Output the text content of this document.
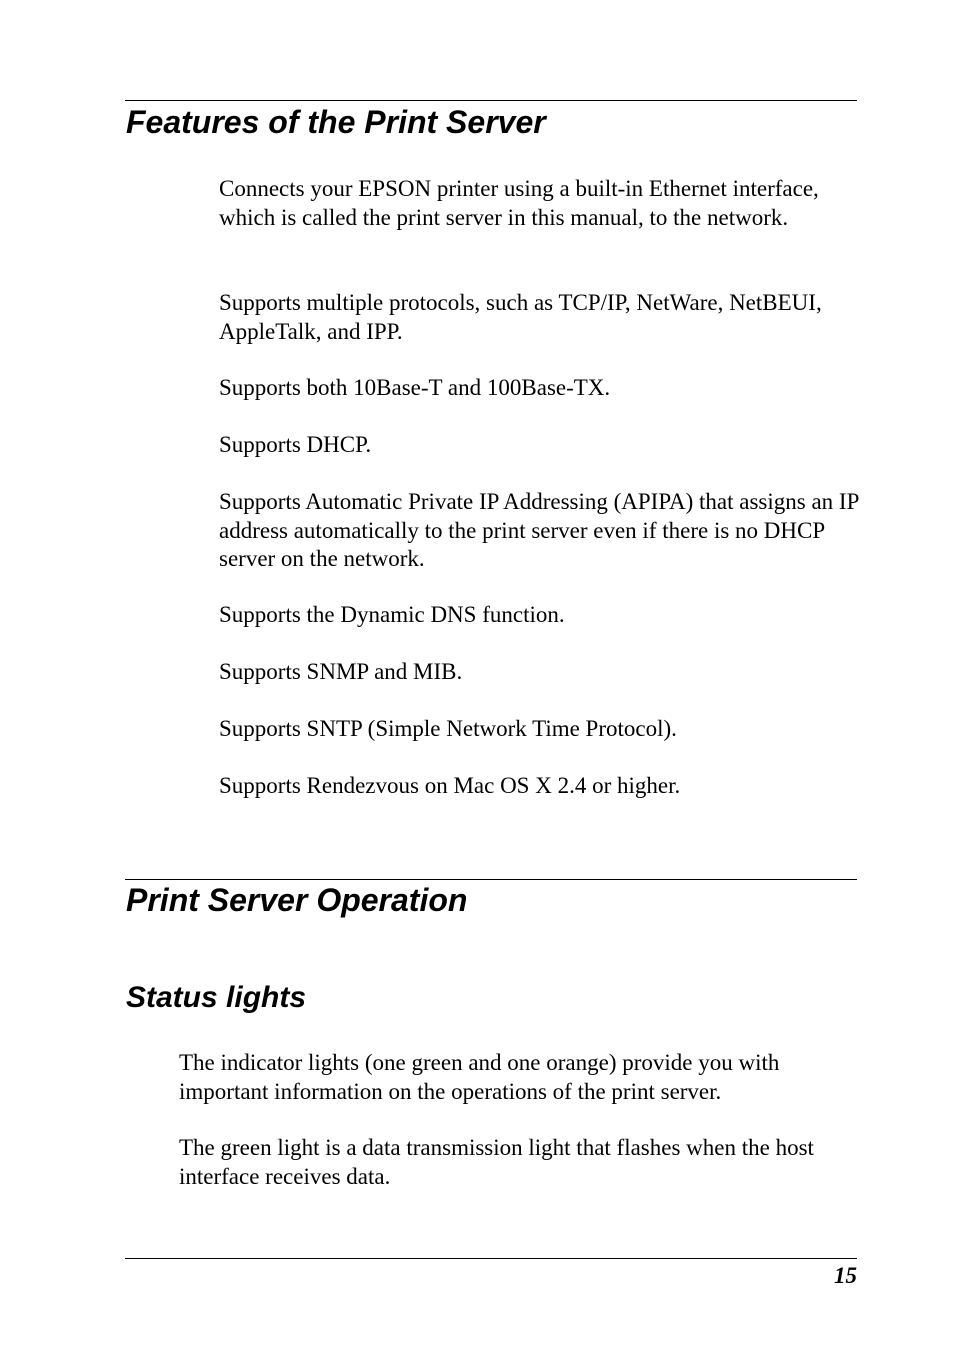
Features of the Print Server

Connects your EPSON printer using a built-in Ethernet interface, which is called the print server in this manual, to the network.

Supports multiple protocols, such as TCP/IP, NetWare, NetBEUI, AppleTalk, and IPP.

Supports both 10Base-T and 100Base-TX.

Supports DHCP.

Supports Automatic Private IP Addressing (APIPA) that assigns an IP address automatically to the print server even if there is no DHCP server on the network.

Supports the Dynamic DNS function.

Supports SNMP and MIB.

Supports SNTP (Simple Network Time Protocol).

Supports Rendezvous on Mac OS X 2.4 or higher.

Print Server Operation
Status lights

The indicator lights (one green and one orange) provide you with important information on the operations of the print server.

The green light is a data transmission light that flashes when the host interface receives data.

15
